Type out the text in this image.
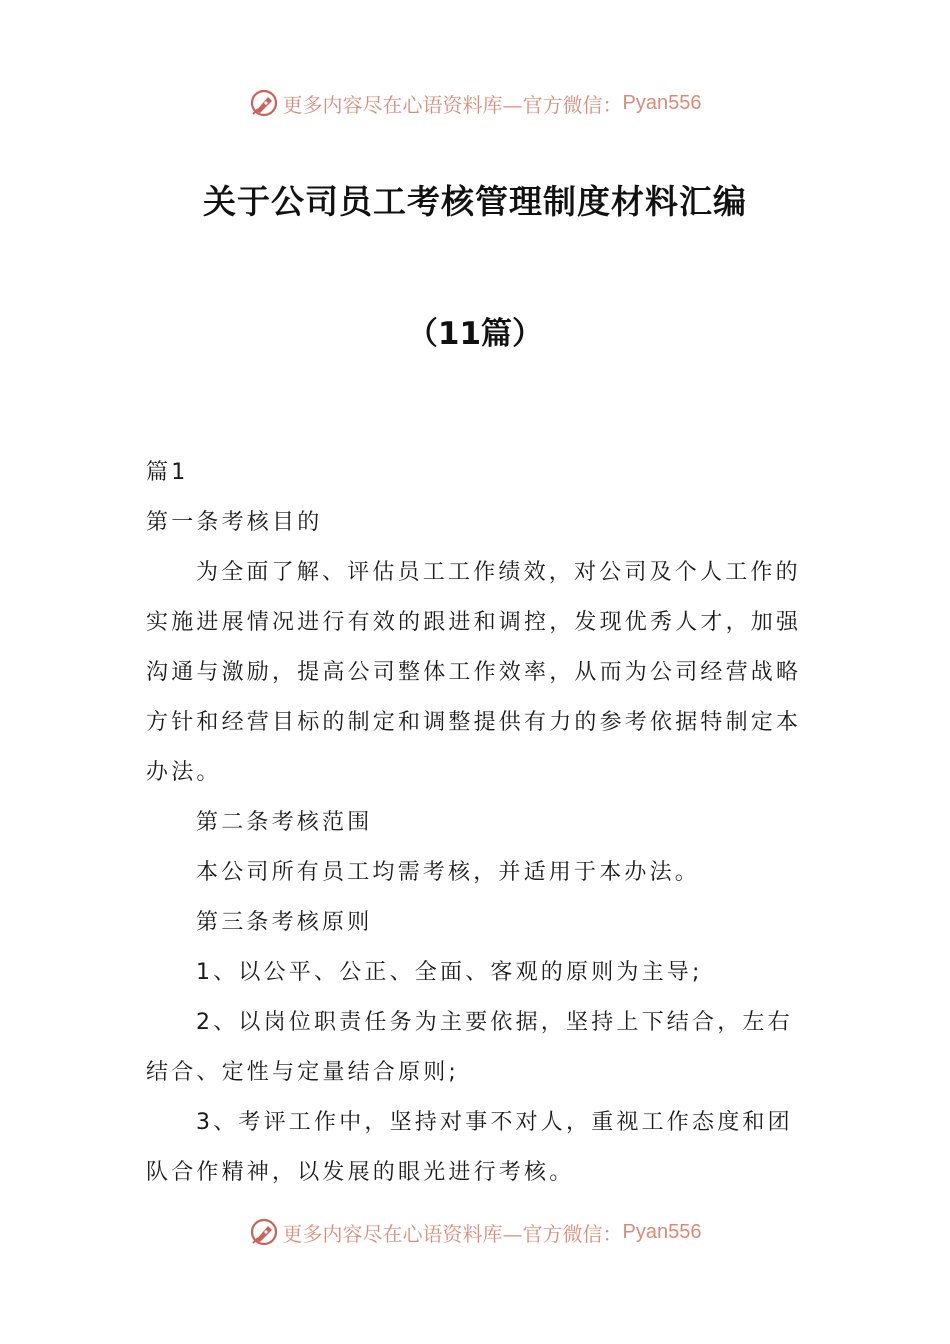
更多内容尽在心语资料库—官方微信： Pyan556
关于公司员工考核管理制度材料汇编
（11篇）

篇1

第一条考核目的

为全面了解、评估员工工作绩效，对公司及个人工作的实施进展情况进行有效的跟进和调控，发现优秀人才，加强沟通与激励，提高公司整体工作效率，从而为公司经营战略方针和经营目标的制定和调整提供有力的参考依据特制定本办法。

第二条考核范围

本公司所有员工均需考核，并适用于本办法。

第三条考核原则

1、以公平、公正、全面、客观的原则为主导;

2、以岗位职责任务为主要依据，坚持上下结合，左右结合、定性与定量结合原则;

3、考评工作中，坚持对事不对人，重视工作态度和团队合作精神，以发展的眼光进行考核。

更多内容尽在心语资料库—官方微信： Pyan556
